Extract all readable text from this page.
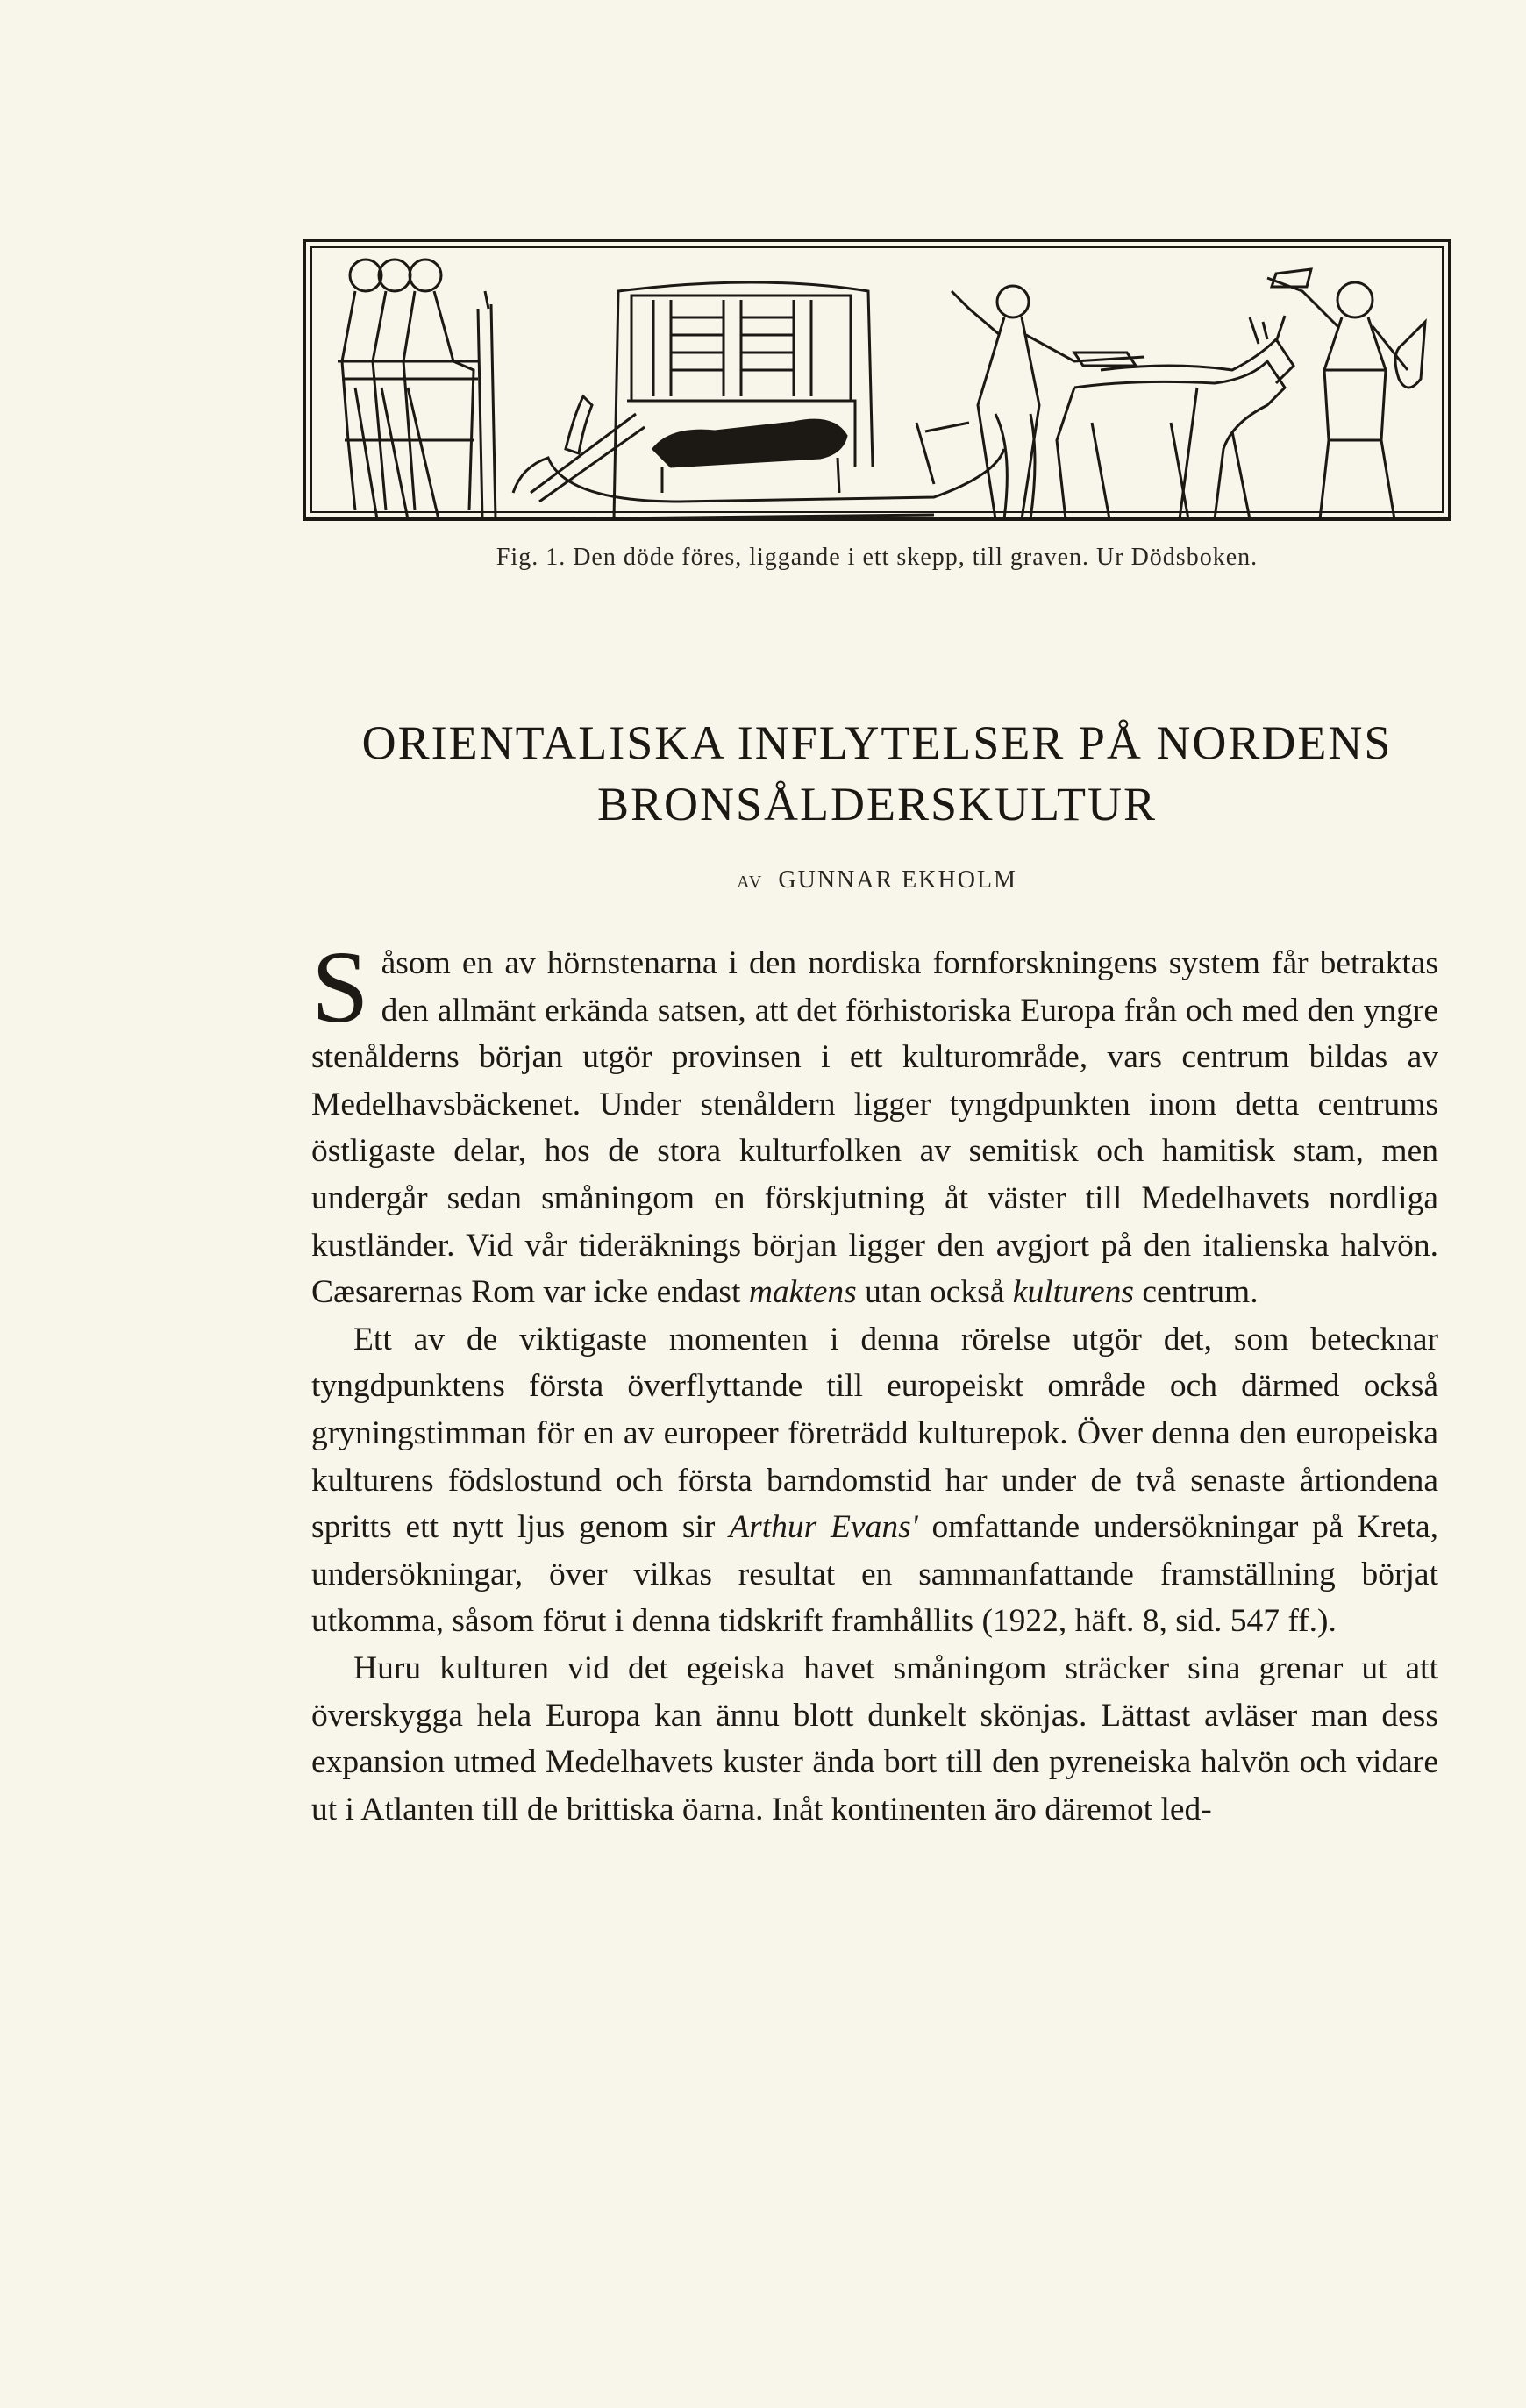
Fig. 1. Den döde föres, liggande i ett skepp, till graven. Ur Dödsboken.
ORIENTALISKA INFLYTELSER PÅ NORDENS BRONSÅLDERSKULTUR
AV GUNNAR EKHOLM

Såsom en av hörnstenarna i den nordiska fornforskningens system får betraktas den allmänt erkända satsen, att det förhistoriska Europa från och med den yngre stenålderns början utgör provinsen i ett kulturområde, vars centrum bildas av Medelhavsbäckenet. Under stenåldern ligger tyngdpunkten inom detta centrums östligaste delar, hos de stora kulturfolken av semitisk och hamitisk stam, men undergår sedan småningom en förskjutning åt väster till Medelhavets nordliga kustländer. Vid vår tideräknings början ligger den avgjort på den italienska halvön. Cæsarernas Rom var icke endast maktens utan också kulturens centrum.

Ett av de viktigaste momenten i denna rörelse utgör det, som betecknar tyngdpunktens första överflyttande till europeiskt område och därmed också gryningstimman för en av europeer företrädd kulturepok. Över denna den europeiska kulturens födslostund och första barndomstid har under de två senaste årtiondena spritts ett nytt ljus genom sir Arthur Evans' omfattande undersökningar på Kreta, undersökningar, över vilkas resultat en sammanfattande framställning börjat utkomma, såsom förut i denna tidskrift framhållits (1922, häft. 8, sid. 547 ff.).

Huru kulturen vid det egeiska havet småningom sträcker sina grenar ut att överskygga hela Europa kan ännu blott dunkelt skönjas. Lättast avläser man dess expansion utmed Medelhavets kuster ända bort till den pyreneiska halvön och vidare ut i Atlanten till de brittiska öarna. Inåt kontinenten äro däremot led-
